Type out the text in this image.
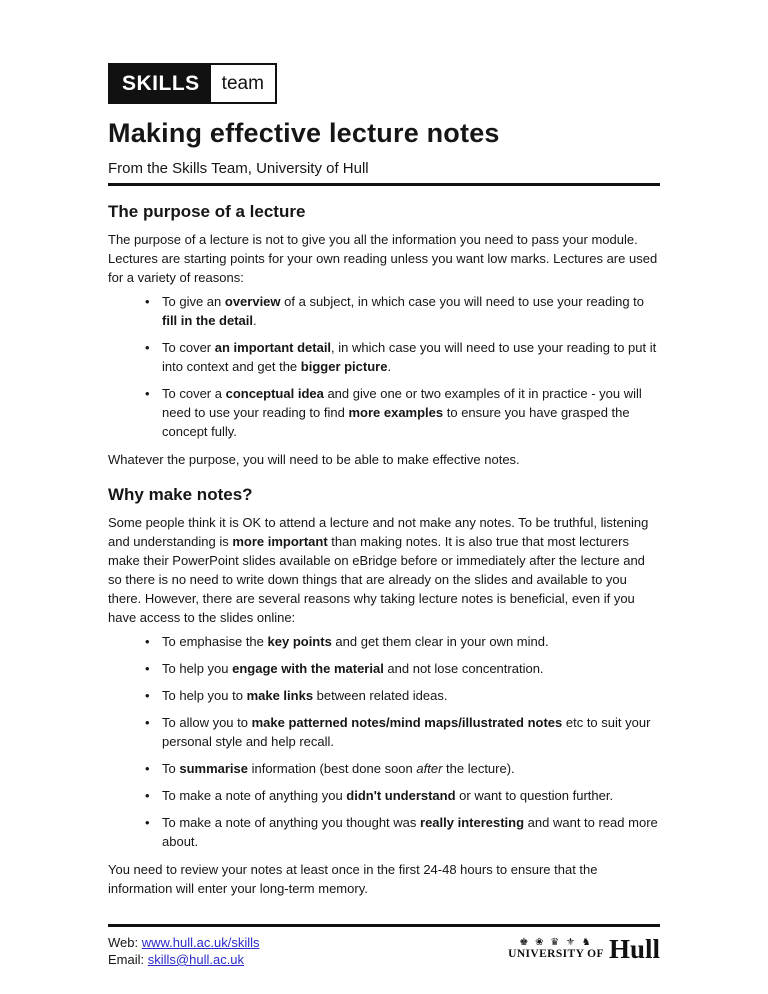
SKILLS	team
Making effective lecture notes

From the Skills Team, University of Hull

The purpose of a lecture

The purpose of a lecture is not to give you all the information you need to pass your module. Lectures are starting points for your own reading unless you want low marks. Lectures are used for a variety of reasons:

• To give an overview of a subject, in which case you will need to use your reading to fill in the detail.
• To cover an important detail, in which case you will need to use your reading to put it into context and get the bigger picture.
• To cover a conceptual idea and give one or two examples of it in practice - you will need to use your reading to find more examples to ensure you have grasped the concept fully.

Whatever the purpose, you will need to be able to make effective notes.

Why make notes?

Some people think it is OK to attend a lecture and not make any notes. To be truthful, listening and understanding is more important than making notes. It is also true that most lecturers make their PowerPoint slides available on eBridge before or immediately after the lecture and so there is no need to write down things that are already on the slides and available to you there. However, there are several reasons why taking lecture notes is beneficial, even if you have access to the slides online:

• To emphasise the key points and get them clear in your own mind.
• To help you engage with the material and not lose concentration.
• To help you to make links between related ideas.
• To allow you to make patterned notes/mind maps/illustrated notes etc to suit your personal style and help recall.
• To summarise information (best done soon after the lecture).
• To make a note of anything you didn't understand or want to question further.
• To make a note of anything you thought was really interesting and want to read more about.

You need to review your notes at least once in the first 24-48 hours to ensure that the information will enter your long-term memory.

Web: www.hull.ac.uk/skills
Email: skills@hull.ac.uk
♚ ❀ ♛ ⚜ ♞
UNIVERSITY OF Hull
